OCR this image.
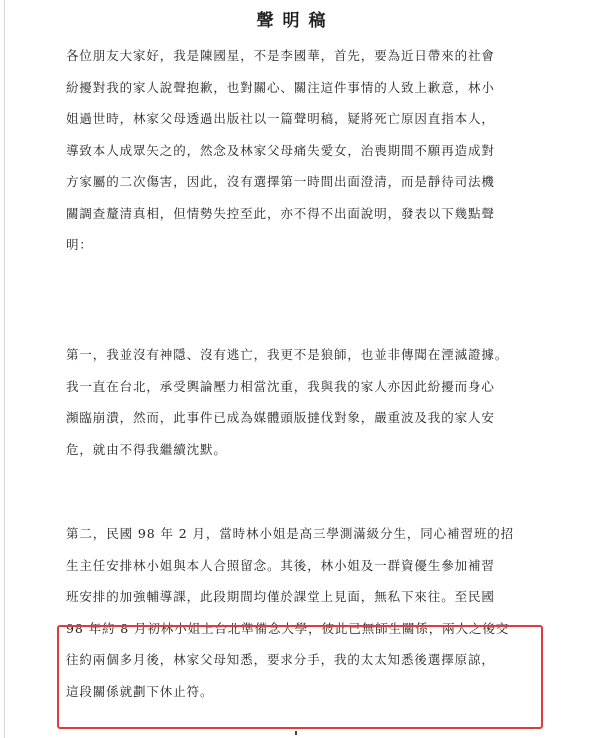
聲明稿

各位朋友大家好，我是陳國星，不是李國華，首先，要為近日帶來的社會
紛擾對我的家人說聲抱歉，也對關心、關注這件事情的人致上歉意，林小
姐過世時，林家父母透過出版社以一篇聲明稿，疑將死亡原因直指本人，
導致本人成眾矢之的，然念及林家父母痛失愛女，治喪期間不願再造成對
方家屬的二次傷害，因此，沒有選擇第一時間出面澄清，而是靜待司法機
關調查釐清真相，但情勢失控至此，亦不得不出面說明，發表以下幾點聲
明：

第一，我並沒有神隱、沒有逃亡，我更不是狼師，也並非傳聞在湮滅證據。
我一直在台北，承受輿論壓力相當沈重，我與我的家人亦因此紛擾而身心
瀕臨崩潰，然而，此事件已成為媒體頭版撻伐對象，嚴重波及我的家人安
危，就由不得我繼續沈默。

第二，民國 98 年 2 月，當時林小姐是高三學測滿級分生，同心補習班的招
生主任安排林小姐與本人合照留念。其後，林小姐及一群資優生參加補習
班安排的加強輔導課，此段期間均僅於課堂上見面，無私下來往。至民國
98 年約 8 月初林小姐上台北準備念大學，彼此已無師生關係，兩人之後交
往約兩個多月後，林家父母知悉，要求分手，我的太太知悉後選擇原諒，
這段關係就劃下休止符。
